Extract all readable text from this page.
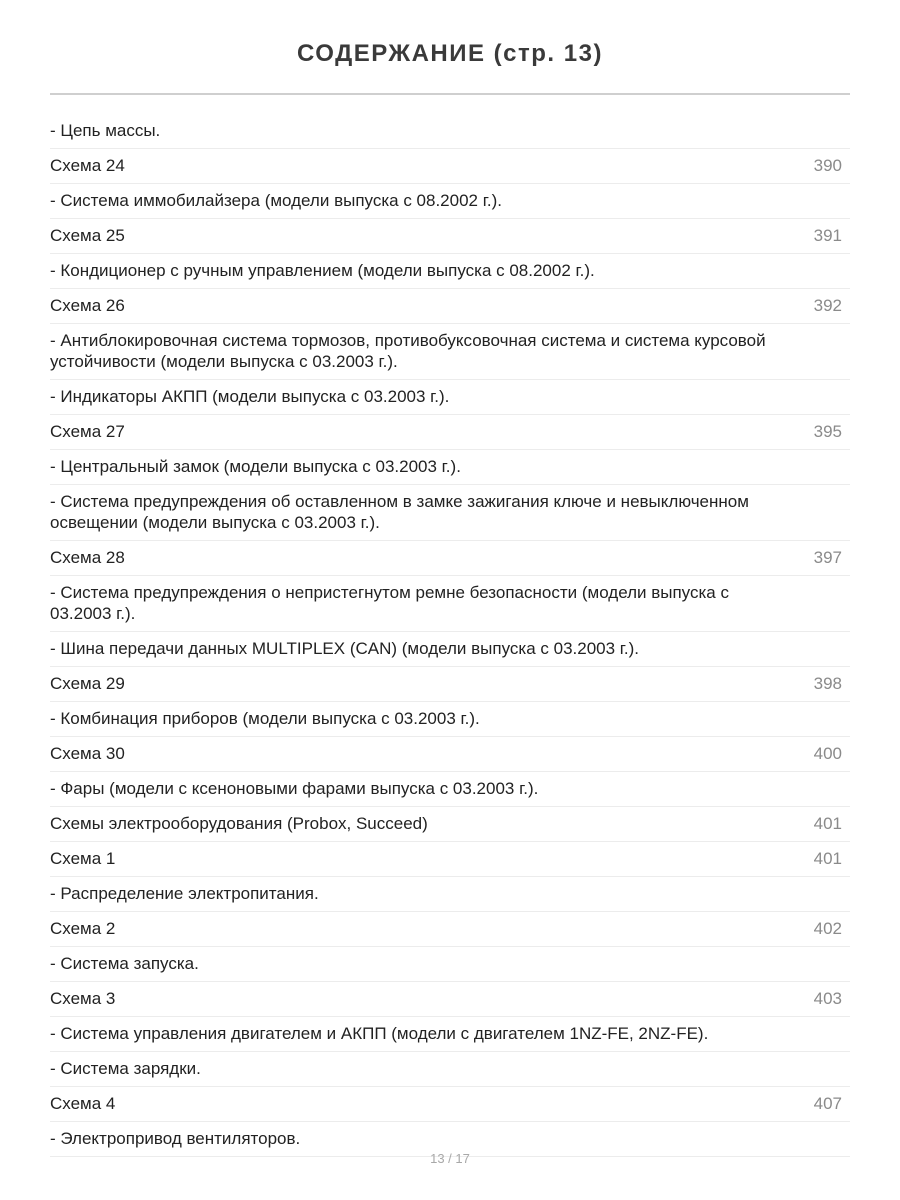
СОДЕРЖАНИЕ (стр. 13)
- Цепь массы.
Схема 24	390
- Система иммобилайзера (модели выпуска с 08.2002 г.).
Схема 25	391
- Кондиционер с ручным управлением (модели выпуска с 08.2002 г.).
Схема 26	392
- Антиблокировочная система тормозов, противобуксовочная система и система курсовой устойчивости (модели выпуска с 03.2003 г.).
- Индикаторы АКПП (модели выпуска с 03.2003 г.).
Схема 27	395
- Центральный замок (модели выпуска с 03.2003 г.).
- Система предупреждения об оставленном в замке зажигания ключе и невыключенном освещении (модели выпуска с 03.2003 г.).
Схема 28	397
- Система предупреждения о непристегнутом ремне безопасности (модели выпуска с 03.2003 г.).
- Шина передачи данных MULTIPLEX (CAN) (модели выпуска с 03.2003 г.).
Схема 29	398
- Комбинация приборов (модели выпуска с 03.2003 г.).
Схема 30	400
- Фары (модели с ксеноновыми фарами выпуска с 03.2003 г.).
Схемы электрооборудования (Probox, Succeed)	401
Схема 1	401
- Распределение электропитания.
Схема 2	402
- Система запуска.
Схема 3	403
- Система управления двигателем и АКПП (модели с двигателем 1NZ-FE, 2NZ-FE).
- Система зарядки.
Схема 4	407
- Электропривод вентиляторов.
13 / 17
